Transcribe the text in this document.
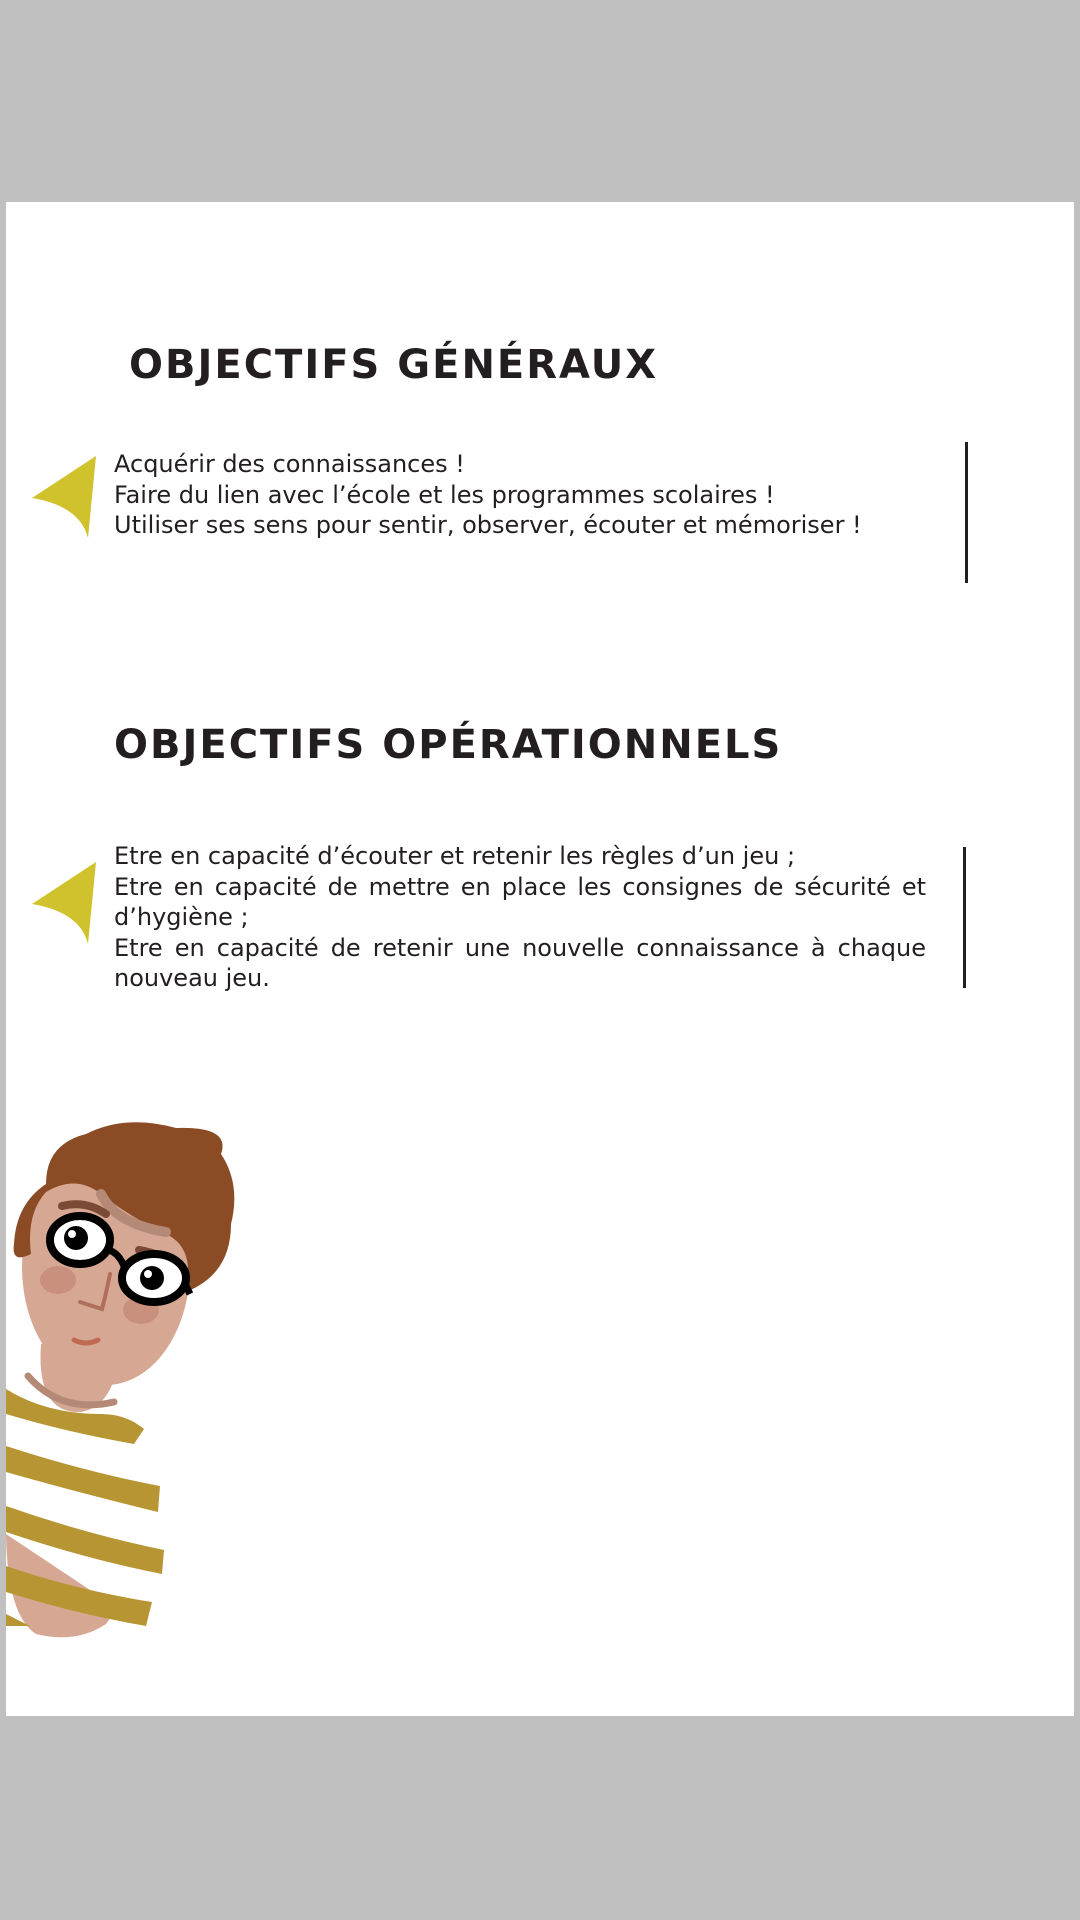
OBJECTIFS GÉNÉRAUX
Acquérir des connaissances !
Faire du lien avec l’école et les programmes scolaires !
Utiliser ses sens pour sentir, observer, écouter et mémoriser !
OBJECTIFS OPÉRATIONNELS
Etre en capacité d’écouter et retenir les règles d’un jeu ;
Etre en capacité de mettre en place les consignes de sécurité et d’hygiène ;
Etre en capacité de retenir une nouvelle connaissance à chaque nouveau jeu.
